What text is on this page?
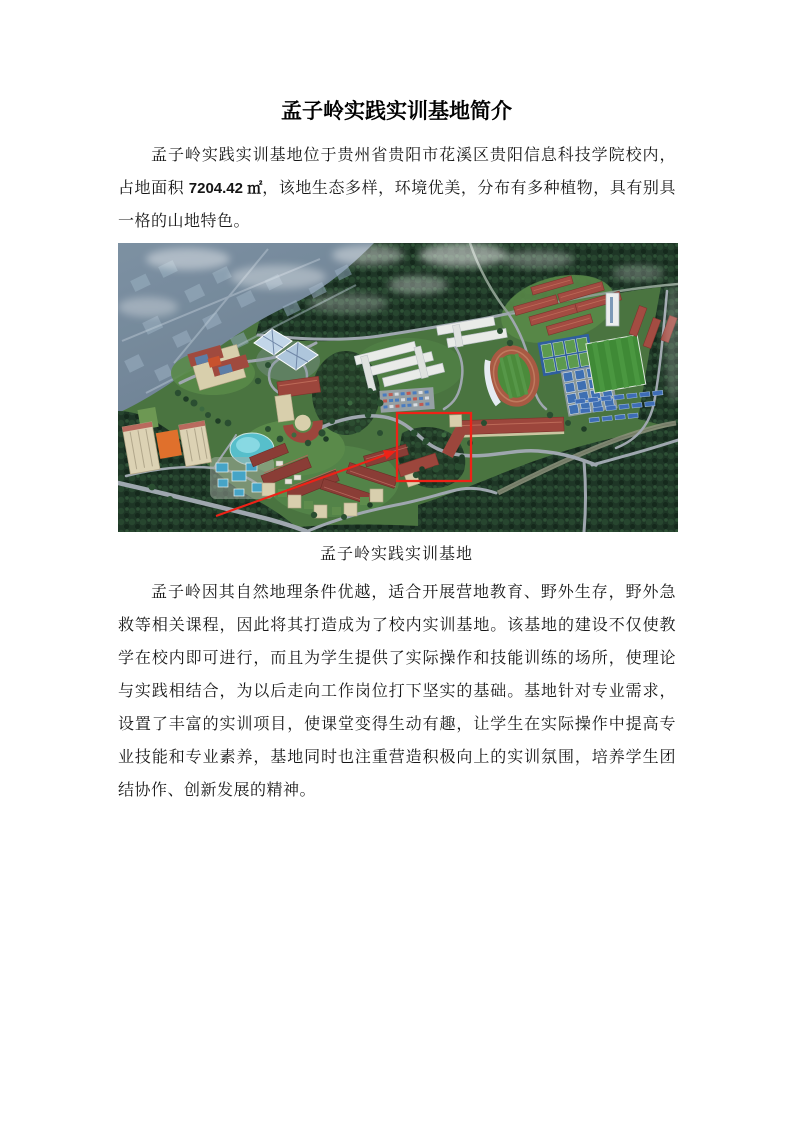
孟子岭实践实训基地简介

孟子岭实践实训基地位于贵州省贵阳市花溪区贵阳信息科技学院校内，占地面积 7204.42 ㎡，该地生态多样，环境优美，分布有多种植物，具有别具一格的山地特色。

孟子岭实践实训基地

孟子岭因其自然地理条件优越，适合开展营地教育、野外生存，野外急救等相关课程，因此将其打造成为了校内实训基地。该基地的建设不仅使教学在校内即可进行，而且为学生提供了实际操作和技能训练的场所，使理论与实践相结合，为以后走向工作岗位打下坚实的基础。基地针对专业需求，设置了丰富的实训项目，使课堂变得生动有趣，让学生在实际操作中提高专业技能和专业素养，基地同时也注重营造积极向上的实训氛围，培养学生团结协作、创新发展的精神。
